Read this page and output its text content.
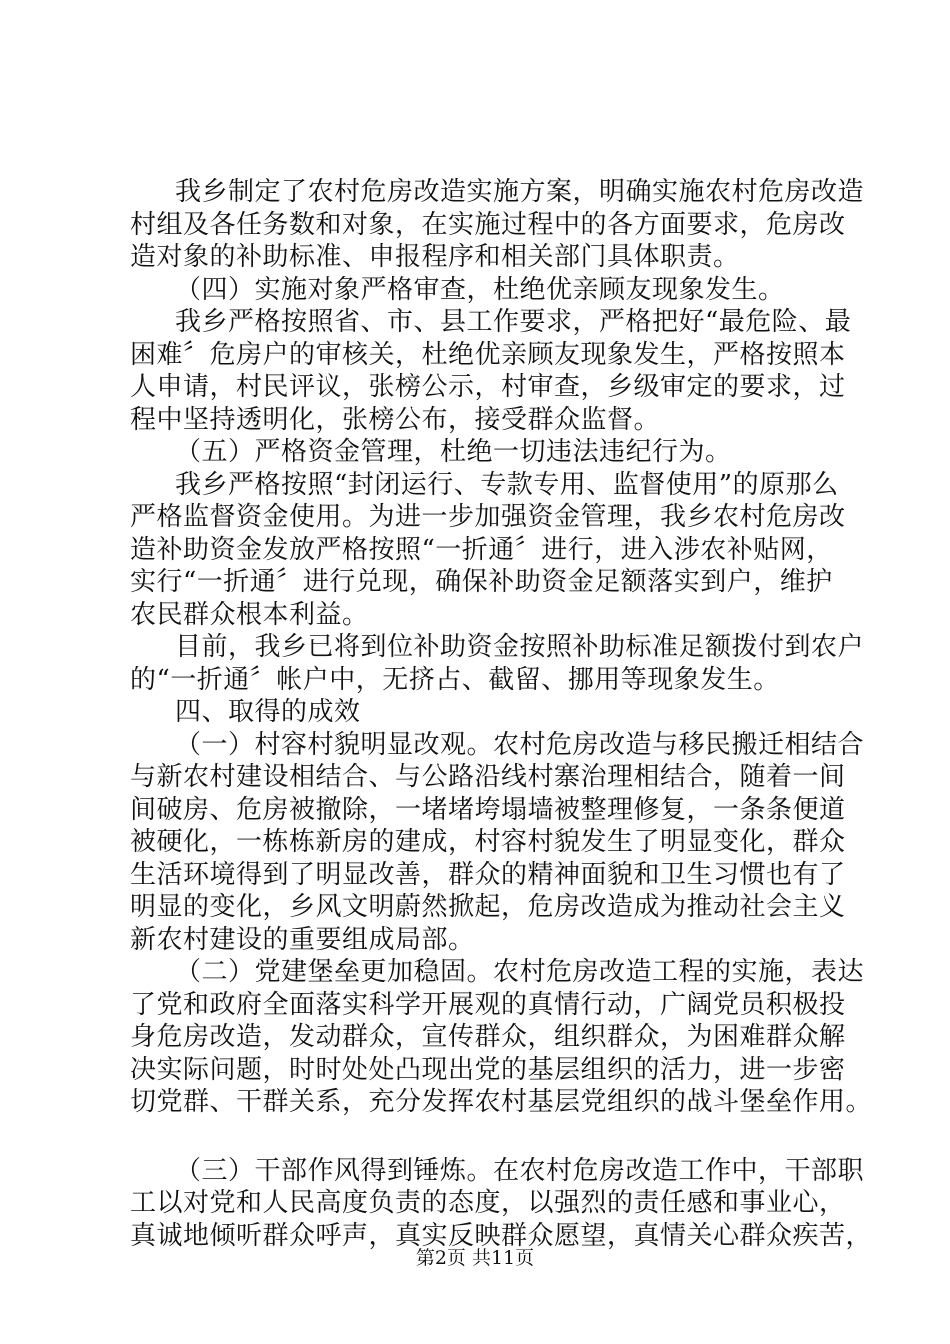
我乡制定了农村危房改造实施方案，明确实施农村危房改造
村组及各任务数和对象，在实施过程中的各方面要求，危房改
造对象的补助标准、申报程序和相关部门具体职责。
（四）实施对象严格审查，杜绝优亲顾友现象发生。
我乡严格按照省、市、县工作要求，严格把好“最危险、最
困难〞危房户的审核关，杜绝优亲顾友现象发生，严格按照本
人申请，村民评议，张榜公示，村审查，乡级审定的要求，过
程中坚持透明化，张榜公布，接受群众监督。
（五）严格资金管理，杜绝一切违法违纪行为。
我乡严格按照“封闭运行、专款专用、监督使用”的原那么
严格监督资金使用。为进一步加强资金管理，我乡农村危房改
造补助资金发放严格按照“一折通〞进行，进入涉农补贴网，
实行“一折通〞进行兑现，确保补助资金足额落实到户，维护
农民群众根本利益。
目前，我乡已将到位补助资金按照补助标准足额拨付到农户
的“一折通〞帐户中，无挤占、截留、挪用等现象发生。
四、取得的成效
（一）村容村貌明显改观。农村危房改造与移民搬迁相结合
与新农村建设相结合、与公路沿线村寨治理相结合，随着一间
间破房、危房被撤除，一堵堵垮塌墙被整理修复，一条条便道
被硬化，一栋栋新房的建成，村容村貌发生了明显变化，群众
生活环境得到了明显改善，群众的精神面貌和卫生习惯也有了
明显的变化，乡风文明蔚然掀起，危房改造成为推动社会主义
新农村建设的重要组成局部。
（二）党建堡垒更加稳固。农村危房改造工程的实施，表达
了党和政府全面落实科学开展观的真情行动，广阔党员积极投
身危房改造，发动群众，宣传群众，组织群众，为困难群众解
决实际问题，时时处处凸现出党的基层组织的活力，进一步密
切党群、干群关系，充分发挥农村基层党组织的战斗堡垒作用。
（三）干部作风得到锤炼。在农村危房改造工作中，干部职
工以对党和人民高度负责的态度，以强烈的责任感和事业心，
真诚地倾听群众呼声，真实反映群众愿望，真情关心群众疾苦，
第2页 共11页
